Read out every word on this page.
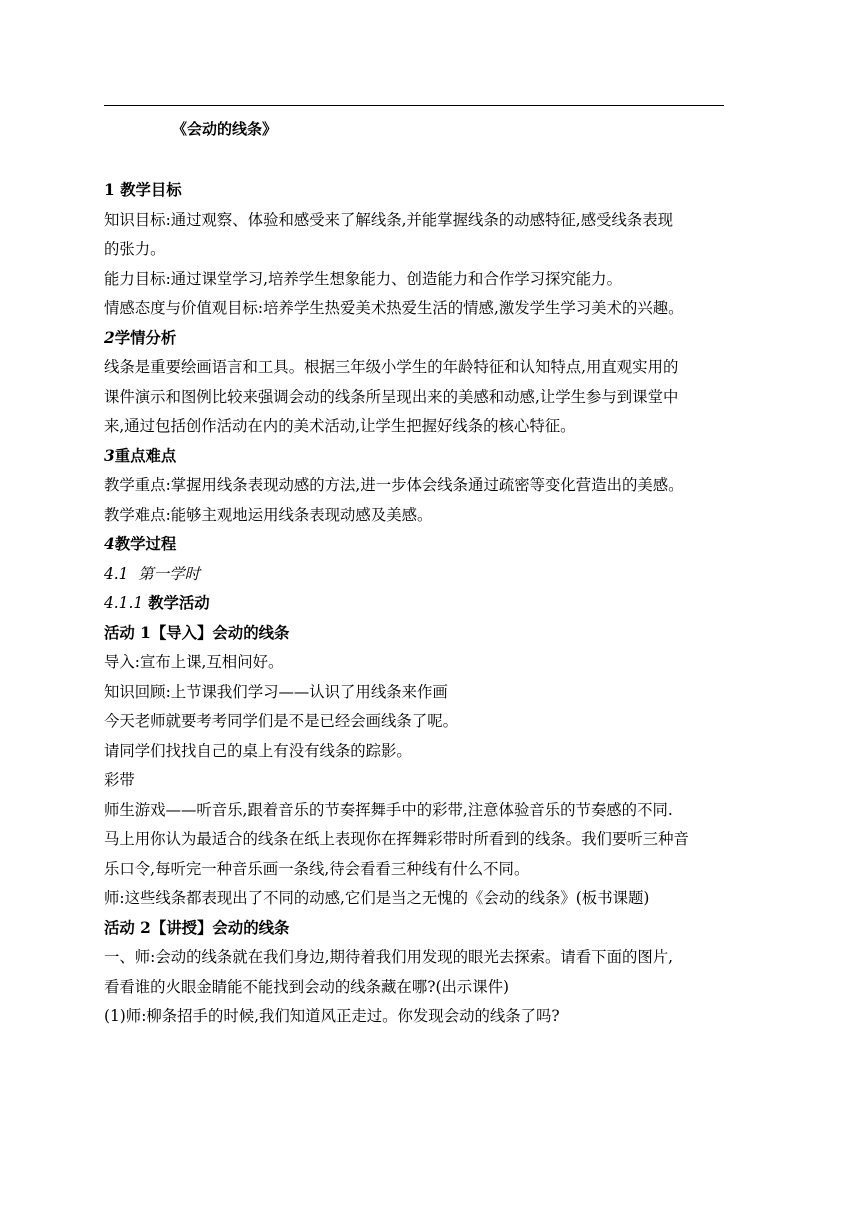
《会动的线条》

1 教学目标

知识目标:通过观察、体验和感受来了解线条,并能掌握线条的动感特征,感受线条表现

的张力。

能力目标:通过课堂学习,培养学生想象能力、创造能力和合作学习探究能力。

情感态度与价值观目标:培养学生热爱美术热爱生活的情感,激发学生学习美术的兴趣。

2学情分析

线条是重要绘画语言和工具。根据三年级小学生的年龄特征和认知特点,用直观实用的

课件演示和图例比较来强调会动的线条所呈现出来的美感和动感,让学生参与到课堂中

来,通过包括创作活动在内的美术活动,让学生把握好线条的核心特征。

3重点难点

教学重点:掌握用线条表现动感的方法,进一步体会线条通过疏密等变化营造出的美感。

教学难点:能够主观地运用线条表现动感及美感。

4教学过程

4.1 第一学时

4.1.1 教学活动

活动 1【导入】会动的线条

导入:宣布上课,互相问好。

知识回顾:上节课我们学习——认识了用线条来作画

今天老师就要考考同学们是不是已经会画线条了呢。

请同学们找找自己的桌上有没有线条的踪影。

彩带

师生游戏——听音乐,跟着音乐的节奏挥舞手中的彩带,注意体验音乐的节奏感的不同.

马上用你认为最适合的线条在纸上表现你在挥舞彩带时所看到的线条。我们要听三种音

乐口令,每听完一种音乐画一条线,待会看看三种线有什么不同。

师:这些线条都表现出了不同的动感,它们是当之无愧的《会动的线条》(板书课题)

活动 2【讲授】会动的线条

一、师:会动的线条就在我们身边,期待着我们用发现的眼光去探索。请看下面的图片,

看看谁的火眼金睛能不能找到会动的线条藏在哪?(出示课件)

(1)师:柳条招手的时候,我们知道风正走过。你发现会动的线条了吗?
